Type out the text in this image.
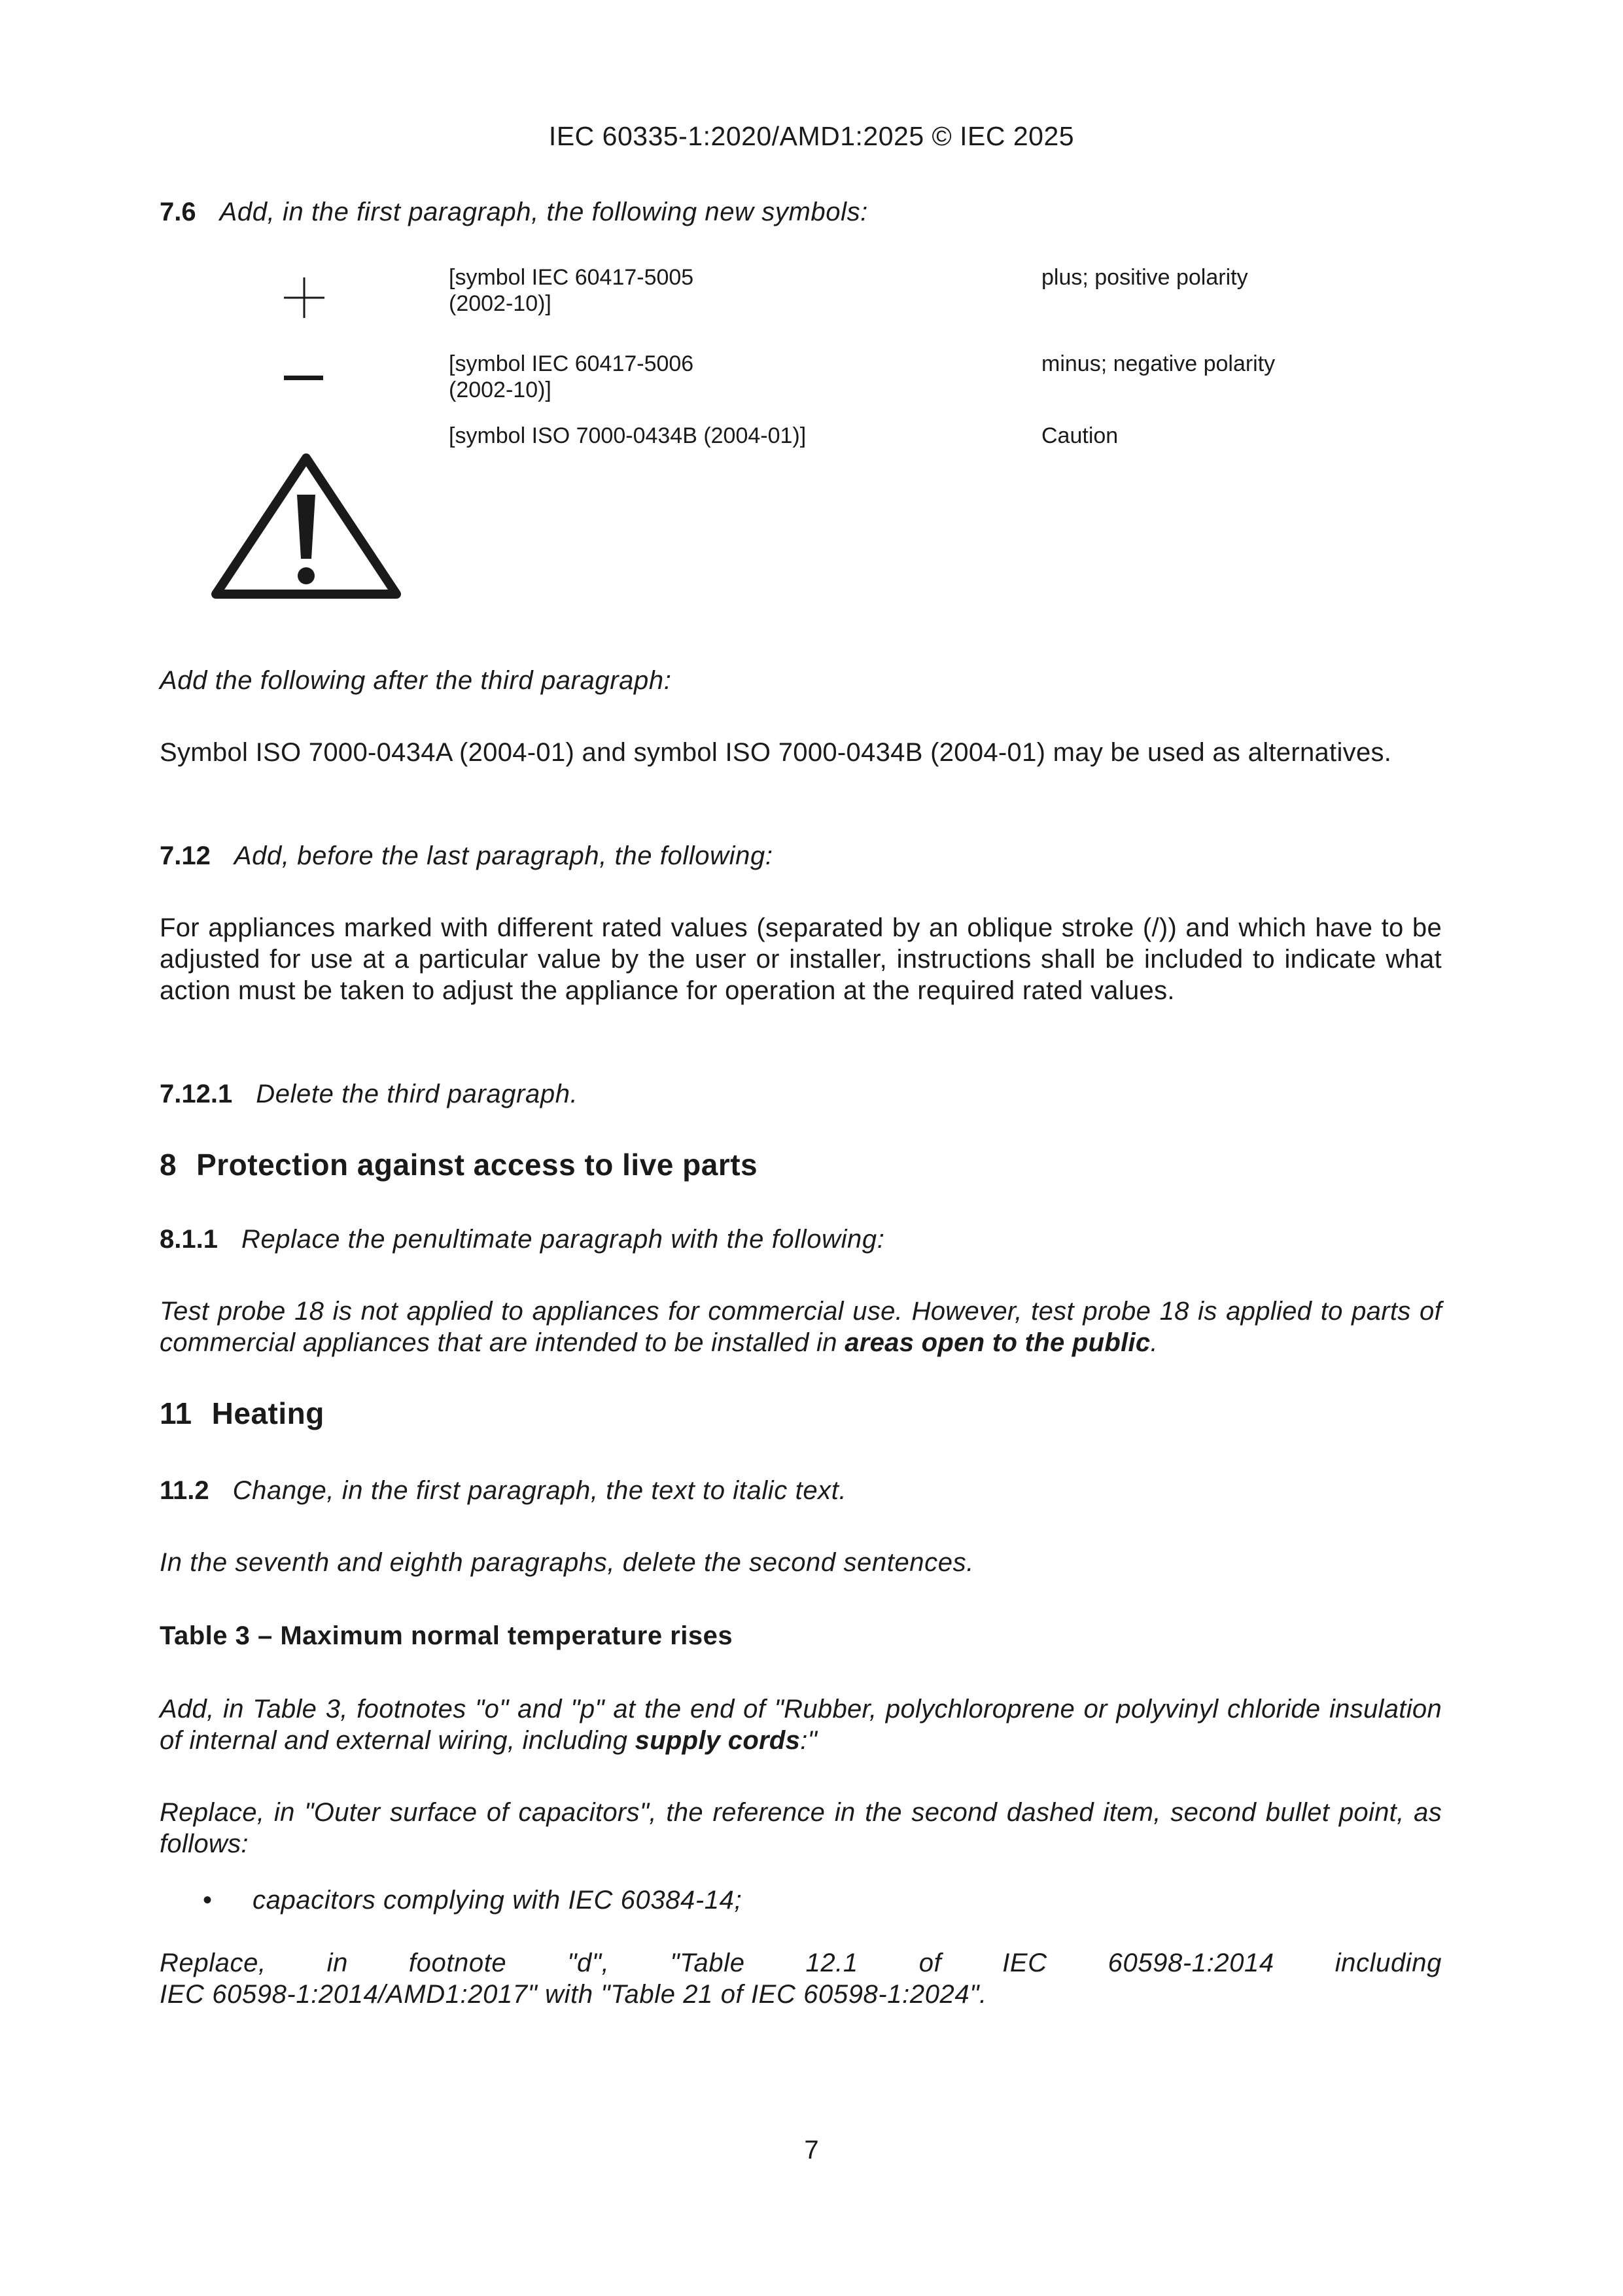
IEC 60335-1:2020/AMD1:2025 © IEC 2025
7.6 Add, in the first paragraph, the following new symbols:
[symbol IEC 60417-5005
(2002-10)]
plus; positive polarity
[symbol IEC 60417-5006
(2002-10)]
minus; negative polarity
[symbol ISO 7000-0434B (2004-01)]	Caution
Add the following after the third paragraph:
Symbol ISO 7000-0434A (2004-01) and symbol ISO 7000-0434B (2004-01) may be used as alternatives.
7.12 Add, before the last paragraph, the following:
For appliances marked with different rated values (separated by an oblique stroke (/)) and which have to be adjusted for use at a particular value by the user or installer, instructions shall be included to indicate what action must be taken to adjust the appliance for operation at the required rated values.
7.12.1 Delete the third paragraph.
8 Protection against access to live parts
8.1.1 Replace the penultimate paragraph with the following:
Test probe 18 is not applied to appliances for commercial use. However, test probe 18 is applied to parts of commercial appliances that are intended to be installed in areas open to the public.
11 Heating
11.2 Change, in the first paragraph, the text to italic text.
In the seventh and eighth paragraphs, delete the second sentences.
Table 3 – Maximum normal temperature rises
Add, in Table 3, footnotes "o" and "p" at the end of "Rubber, polychloroprene or polyvinyl chloride insulation of internal and external wiring, including supply cords:"
Replace, in "Outer surface of capacitors", the reference in the second dashed item, second bullet point, as follows:
• capacitors complying with IEC 60384-14;
Replace, in footnote "d", "Table 12.1 of IEC 60598-1:2014 including
IEC 60598-1:2014/AMD1:2017" with "Table 21 of IEC 60598-1:2024".
7
